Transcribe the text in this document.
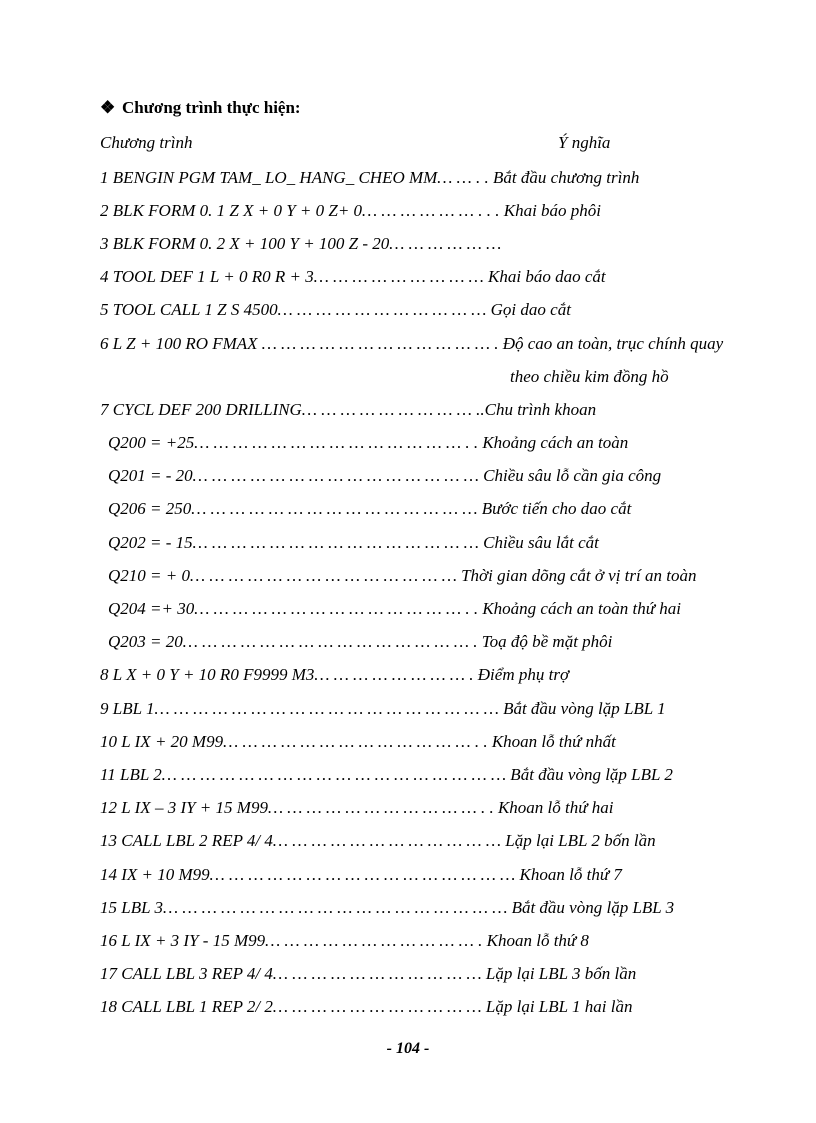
❖ Chương trình thực hiện:
Chương trình	Ý nghĩa
1 BENGIN PGM TAM_ LO_ HANG_ CHEO MM… … . . Bắt đầu chương trình
2 BLK FORM 0. 1 Z X + 0 Y + 0 Z+ 0… … … … … … . . . Khai báo phôi
3 BLK FORM 0. 2 X + 100 Y + 100 Z - 20… … … … … …
4 TOOL DEF 1 L + 0 R0 R + 3… … … … … … … … … Khai báo dao cắt
5 TOOL CALL 1 Z S 4500… … … … … … … … … … … Gọi dao cắt
6 L Z + 100 RO FMAX … … … … … … … … … … … … . Độ cao an toàn, trục chính quay
theo chiều kim đồng hồ
7 CYCL DEF 200 DRILLING… … … … … … … … … ..Chu trình khoan
Q200 = +25… … … … … … … … … … … … … … . . Khoảng cách an toàn
Q201 = - 20… … … … … … … … … … … … … … … Chiều sâu lỗ cần gia công
Q206 = 250… … … … … … … … … … … … … … … Bước tiến cho dao cắt
Q202 = - 15… … … … … … … … … … … … … … … Chiều sâu lắt cắt
Q210 = + 0… … … … … … … … … … … … … … Thời gian dõng cắt ở vị trí an toàn
Q204 =+ 30… … … … … … … … … … … … … … . . Khoảng cách an toàn thứ hai
Q203 = 20… … … … … … … … … … … … … … … . Toạ độ bề mặt phôi
8 L X + 0 Y + 10 R0 F9999 M3… … … … … … … … . Điểm phụ trợ
9 LBL 1… … … … … … … … … … … … … … … … … … Bắt đầu vòng lặp LBL 1
10 L IX + 20 M99… … … … … … … … … … … … … . . Khoan lỗ thứ nhất
11 LBL 2… … … … … … … … … … … … … … … … … … Bắt đầu vòng lặp LBL 2
12 L IX – 3 IY + 15 M99… … … … … … … … … … … . . Khoan lỗ thứ hai
13 CALL LBL 2 REP 4/ 4… … … … … … … … … … … … Lặp lại LBL 2 bốn lần
14 IX + 10 M99… … … … … … … … … … … … … … … … Khoan lỗ thứ 7
15 LBL 3… … … … … … … … … … … … … … … … … … Bắt đầu vòng lặp LBL 3
16 L IX + 3 IY - 15 M99… … … … … … … … … … … . Khoan lỗ thứ 8
17 CALL LBL 3 REP 4/ 4… … … … … … … … … … … Lặp lại LBL 3 bốn lần
18 CALL LBL 1 REP 2/ 2… … … … … … … … … … … Lặp lại LBL 1 hai lần
- 104 -
